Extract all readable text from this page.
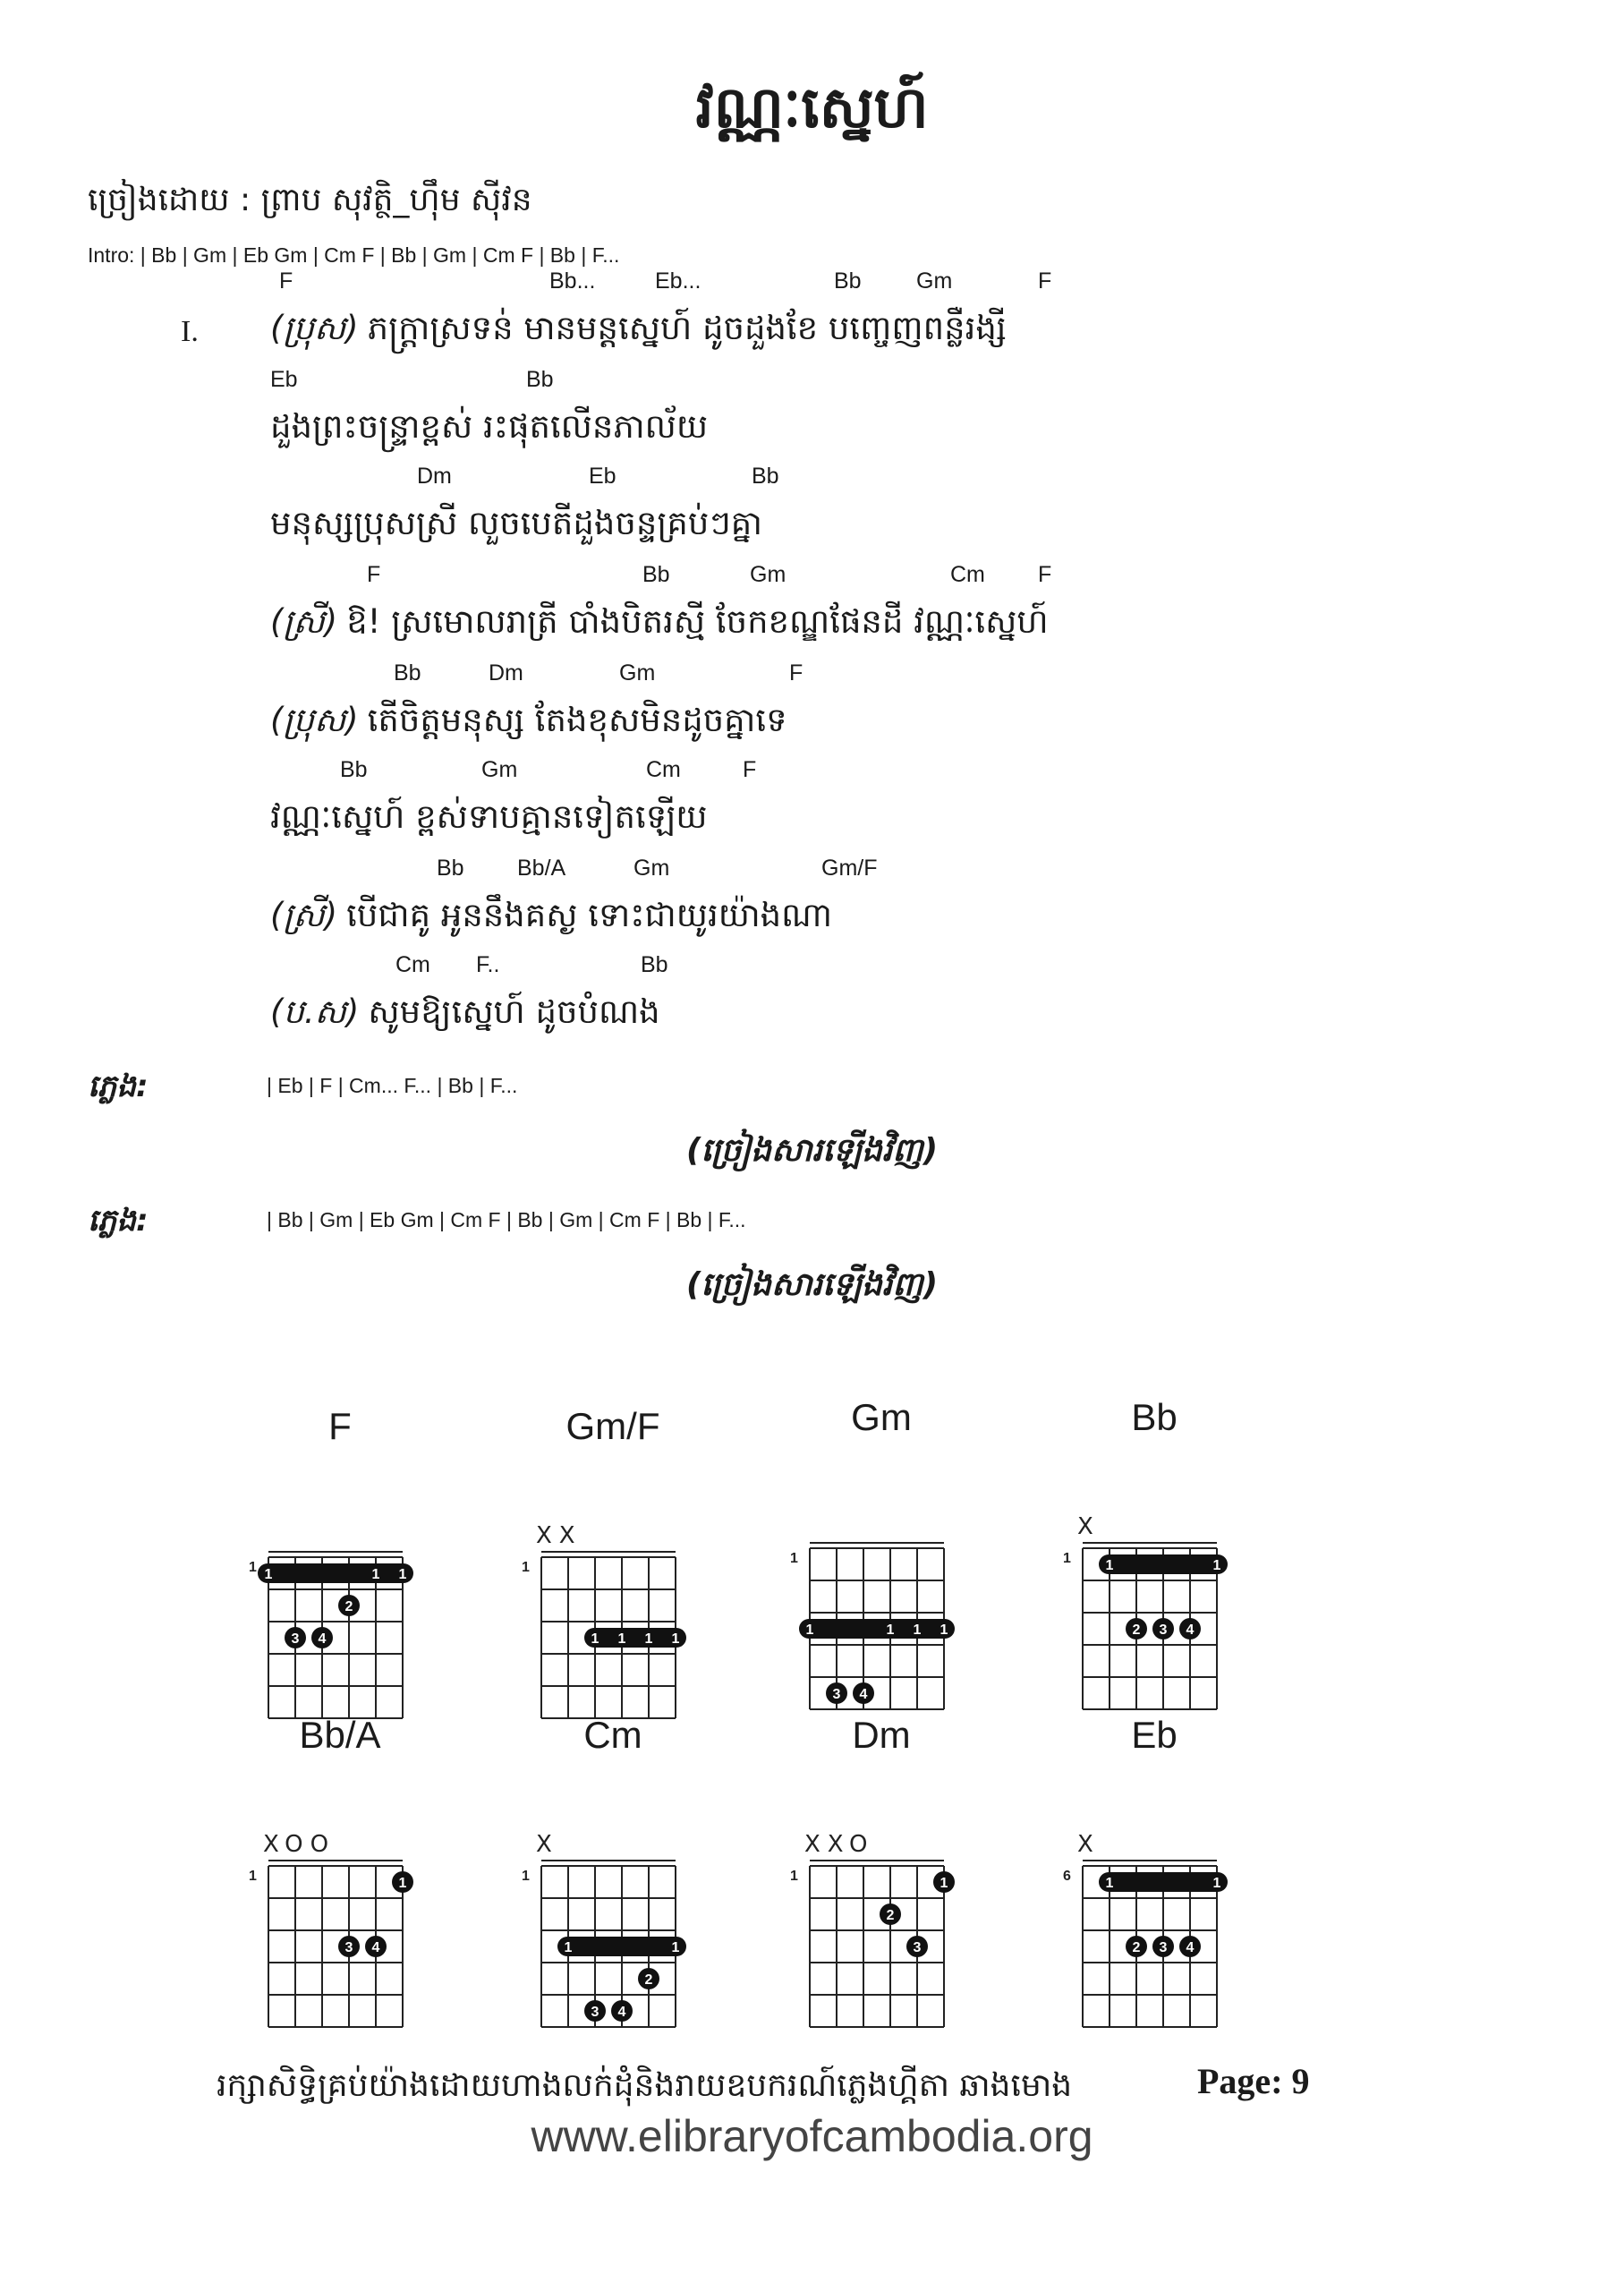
វណ្ណៈស្នេហ៍
ច្រៀងដោយ : ព្រាប សុវត្ថិ_ហ៊ឹម ស៊ីវន
Intro: | Bb | Gm | Eb Gm | Cm F | Bb | Gm | Cm F | Bb | F...
I.
F	Bb...	Eb...	Bb Gm	F
(ប្រុស) ភក្រ្តាស្រទន់ មានមន្តស្នេហ៍ ដូចដួងខែ បញ្ចេញពន្លឺរង្សី
Eb	Bb
ដួងព្រះចន្រ្ទាខ្ពស់ រះផុតលើនភាល័យ
Dm	Eb	Bb
មនុស្សប្រុសស្រី លួចបេតីដួងចន្ទគ្រប់ៗគ្នា
F	Bb	Gm	Cm F
(ស្រី) ឱ! ស្រមោលរាត្រី បាំងបិតរស្មី ចែកខណ្ឌផែនដី វណ្ណៈស្នេហ៍
Bb	Dm	Gm	F
(ប្រុស) តើចិត្តមនុស្ស តែងខុសមិនដូចគ្នាទេ
Bb	Gm	Cm	F
វណ្ណៈស្នេហ៍ ខ្ពស់ទាបគ្មានទៀតឡើយ
Bb Bb/A	Gm	Gm/F
(ស្រី) បើជាគូ អូននឹងគស្ង ទោះជាយូរយ៉ាងណា
Cm F..	Bb
(ប.ស) សូមឱ្យស្នេហ៍ ដូចបំណង
ភ្លេង:	| Eb | F | Cm... F... | Bb | F...
(ច្រៀងសារឡើងវិញ)
ភ្លេង:	| Bb | Gm | Eb Gm | Cm F | Bb | Gm | Cm F | Bb | F...
(ច្រៀងសារឡើងវិញ)
F
1 1	1 1
2
3 4
Gm/F
XX
1
1 1 1 1
Gm
1
1	1 1 1
3 4
Bb
X
1 1	1
2 3 4
Bb/A
XOO
1	1
3 4
Cm
X
1
1	1
2
3 4
Dm
XXO
1	1
2
3
Eb
X
6 1	1
2 3 4
រក្សាសិទ្ធិគ្រប់យ៉ាងដោយហាងលក់ដុំនិងរាយឧបករណ៍ភ្លេងហ្គីតា ឆាងមោង	Page: 9
www.elibraryofcambodia.org
